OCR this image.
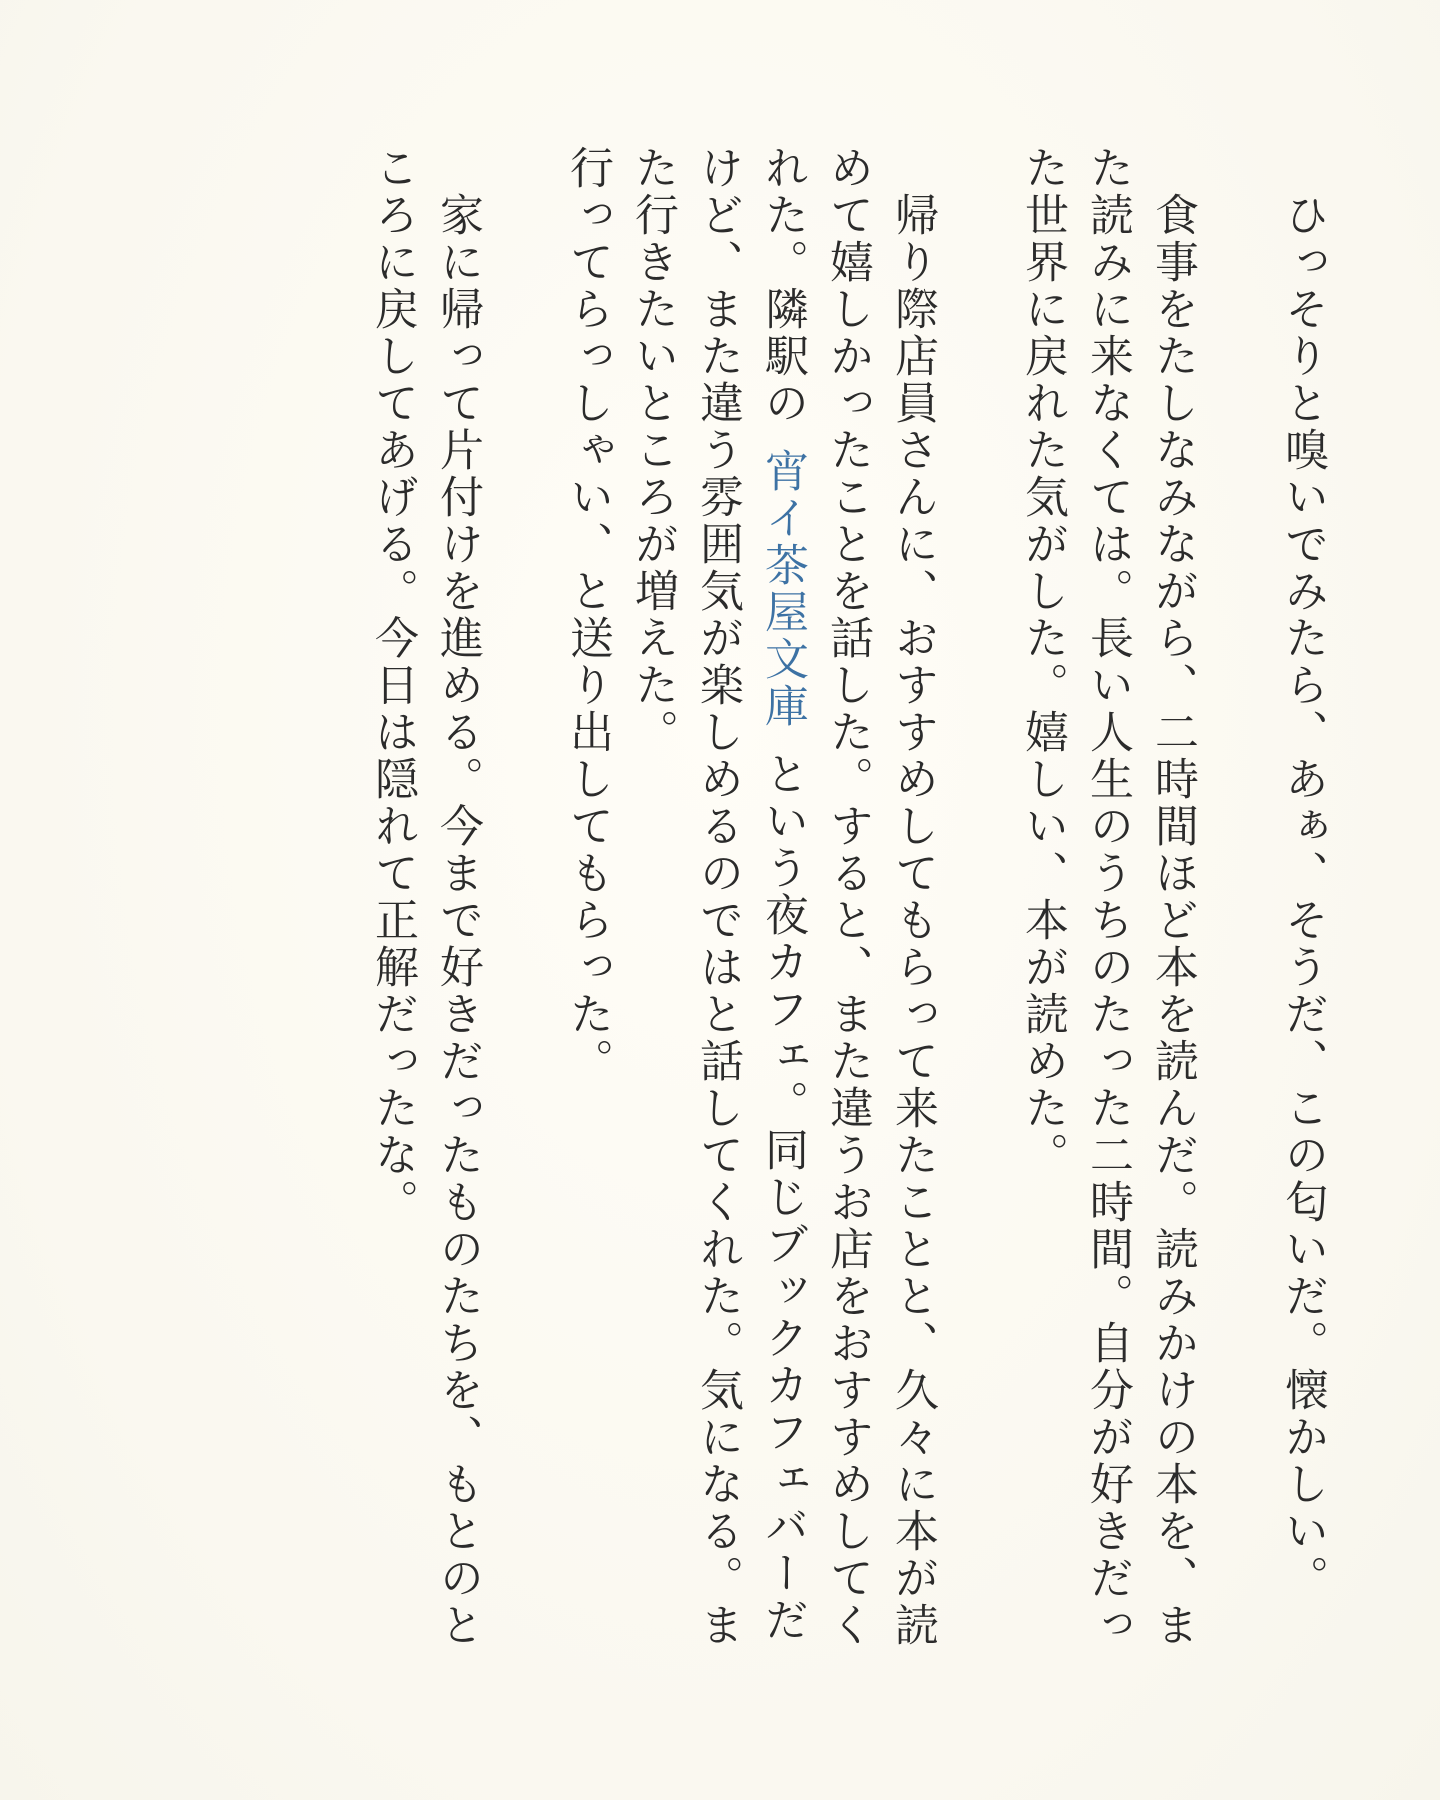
ひっそりと嗅いでみたら、あぁ、そうだ、この匂いだ。懐かしい。

食事をたしなみながら、二時間ほど本を読んだ。読みかけの本を、また読みに来なくては。長い人生のうちのたった二時間。自分が好きだった世界に戻れた気がした。嬉しい、本が読めた。

帰り際店員さんに、おすすめしてもらって来たことと、久々に本が読めて嬉しかったことを話した。すると、また違うお店をおすすめしてくれた。隣駅の宵イ茶屋文庫という夜カフェ。同じブックカフェバーだけど、また違う雰囲気が楽しめるのではと話してくれた。気になる。また行きたいところが増えた。

行ってらっしゃい、と送り出してもらった。

家に帰って片付けを進める。今まで好きだったものたちを、もとのところに戻してあげる。今日は隠れて正解だったな。
